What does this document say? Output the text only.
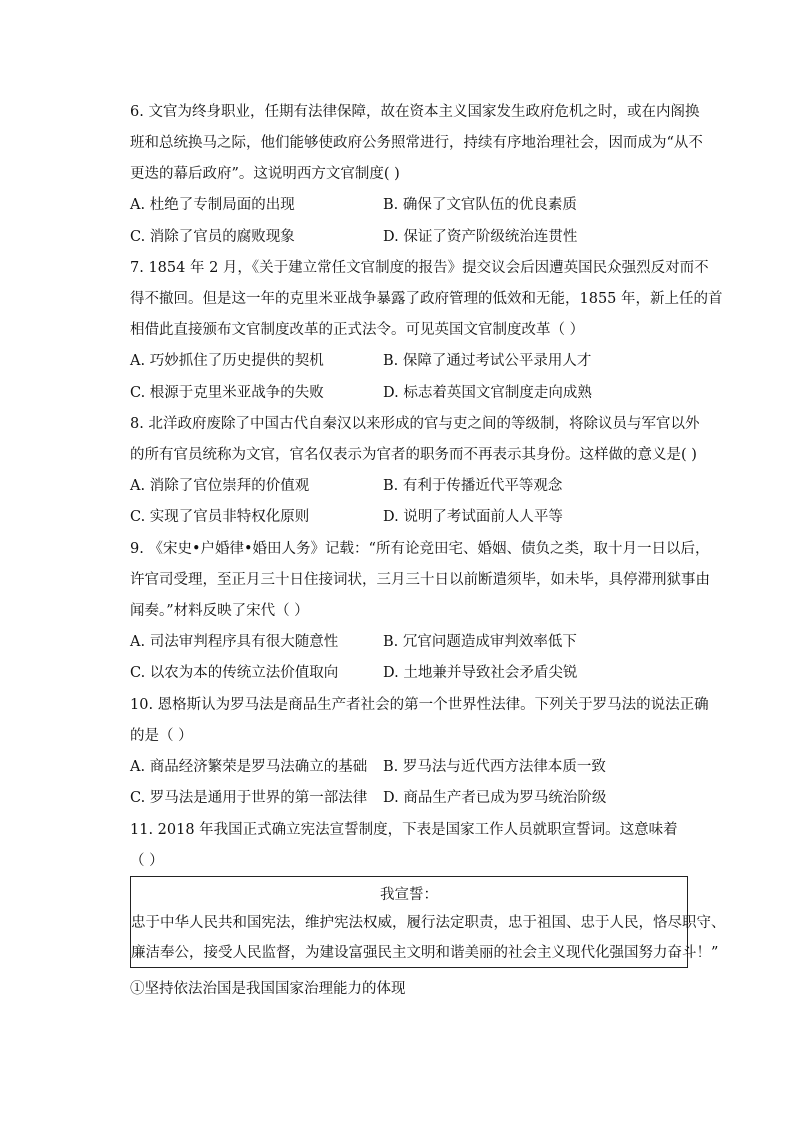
6. 文官为终身职业，任期有法律保障，故在资本主义国家发生政府危机之时，或在内阁换
班和总统换马之际，他们能够使政府公务照常进行，持续有序地治理社会，因而成为“从不
更迭的幕后政府”。这说明西方文官制度( )
A. 杜绝了专制局面的出现	B. 确保了文官队伍的优良素质
C. 消除了官员的腐败现象	D. 保证了资产阶级统治连贯性
7. 1854 年 2 月，《关于建立常任文官制度的报告》提交议会后因遭英国民众强烈反对而不
得不撤回。但是这一年的克里米亚战争暴露了政府管理的低效和无能，1855 年，新上任的首
相借此直接颁布文官制度改革的正式法令。可见英国文官制度改革（ ）
A. 巧妙抓住了历史提供的契机	B. 保障了通过考试公平录用人才
C. 根源于克里米亚战争的失败	D. 标志着英国文官制度走向成熟
8. 北洋政府废除了中国古代自秦汉以来形成的官与吏之间的等级制，将除议员与军官以外
的所有官员统称为文官，官名仅表示为官者的职务而不再表示其身份。这样做的意义是( )
A. 消除了官位崇拜的价值观	B. 有利于传播近代平等观念
C. 实现了官员非特权化原则	D. 说明了考试面前人人平等
9. 《宋史•户婚律•婚田人务》记载：“所有论竞田宅、婚姻、债负之类，取十月一日以后，
许官司受理，至正月三十日住接词状，三月三十日以前断遣须毕，如未毕，具停滞刑狱事由
闻奏。”材料反映了宋代（ ）
A. 司法审判程序具有很大随意性	B. 冗官问题造成审判效率低下
C. 以农为本的传统立法价值取向	D. 土地兼并导致社会矛盾尖锐
10. 恩格斯认为罗马法是商品生产者社会的第一个世界性法律。下列关于罗马法的说法正确
的是（ ）
A. 商品经济繁荣是罗马法确立的基础 B. 罗马法与近代西方法律本质一致
C. 罗马法是通用于世界的第一部法律 D. 商品生产者已成为罗马统治阶级
11. 2018 年我国正式确立宪法宣誓制度，下表是国家工作人员就职宣誓词。这意味着
（ ）
我宣誓：
忠于中华人民共和国宪法，维护宪法权威，履行法定职责，忠于祖国、忠于人民，恪尽职守、
廉洁奉公，接受人民监督，为建设富强民主文明和谐美丽的社会主义现代化强国努力奋斗！”
①坚持依法治国是我国国家治理能力的体现
